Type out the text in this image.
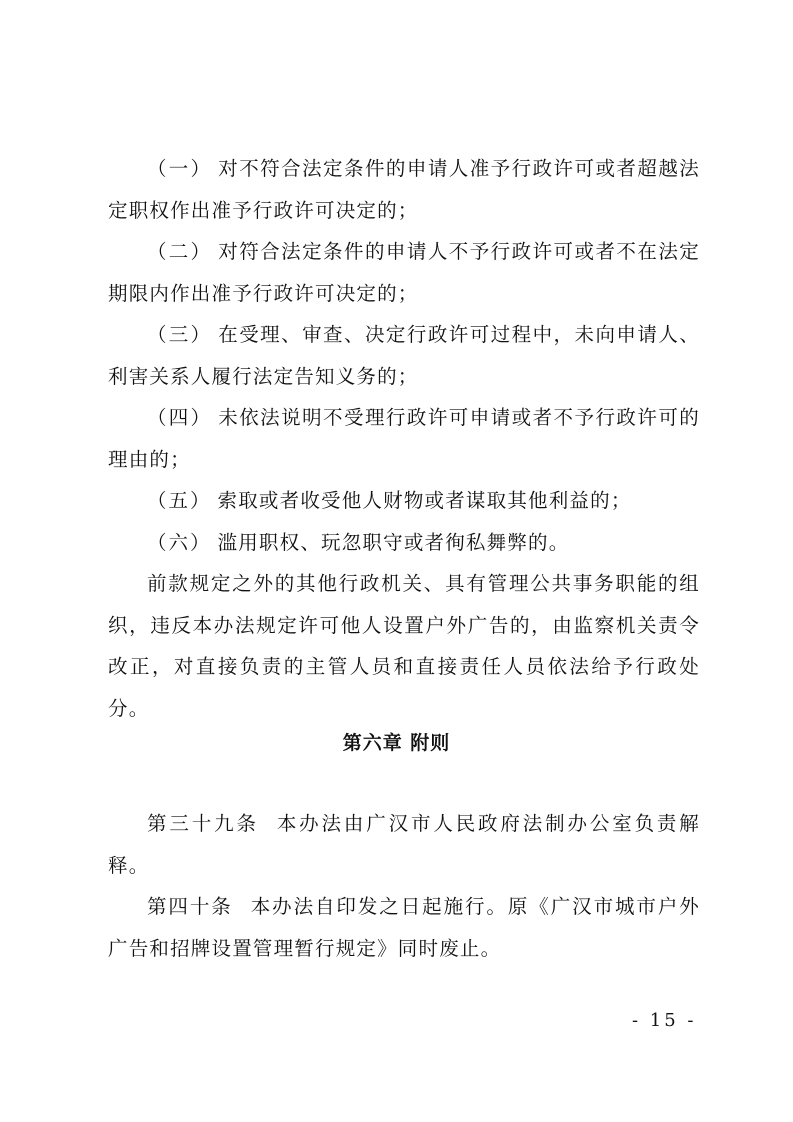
（一） 对不符合法定条件的申请人准予行政许可或者超越法定职权作出准予行政许可决定的；

（二） 对符合法定条件的申请人不予行政许可或者不在法定期限内作出准予行政许可决定的；

（三） 在受理、审查、决定行政许可过程中，未向申请人、利害关系人履行法定告知义务的；

（四） 未依法说明不受理行政许可申请或者不予行政许可的理由的；

（五） 索取或者收受他人财物或者谋取其他利益的；

（六） 滥用职权、玩忽职守或者徇私舞弊的。

前款规定之外的其他行政机关、具有管理公共事务职能的组织，违反本办法规定许可他人设置户外广告的，由监察机关责令改正，对直接负责的主管人员和直接责任人员依法给予行政处分。

第六章 附则

第三十九条 本办法由广汉市人民政府法制办公室负责解释。

第四十条 本办法自印发之日起施行。原《广汉市城市户外广告和招牌设置管理暂行规定》同时废止。

- 15 -
